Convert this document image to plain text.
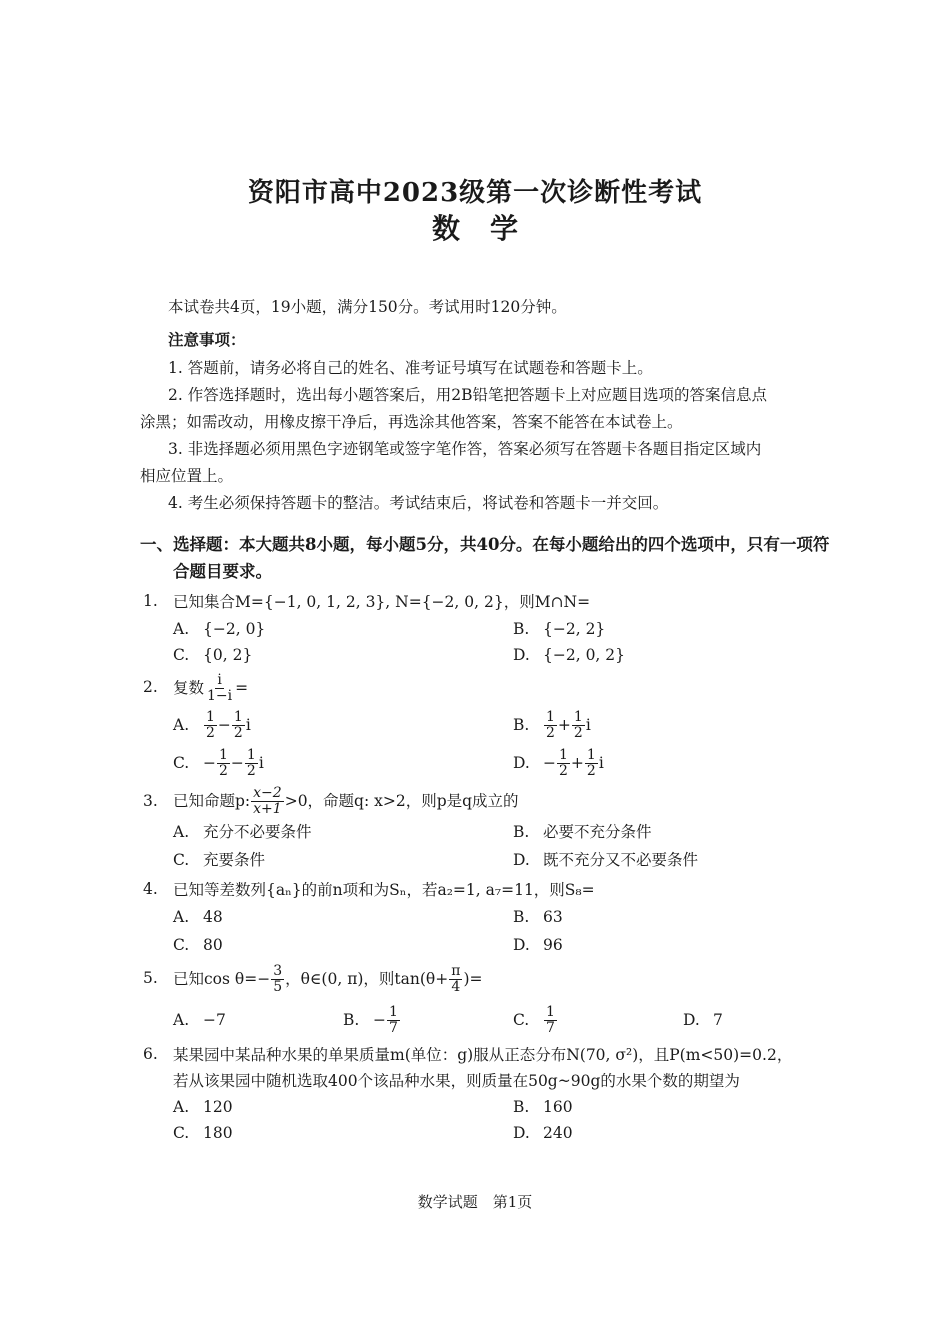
资阳市高中2023级第一次诊断性考试
数学
本试卷共4页，19小题，满分150分。考试用时120分钟。
注意事项：
1. 答题前，请务必将自己的姓名、准考证号填写在试题卷和答题卡上。
2. 作答选择题时，选出每小题答案后，用2B铅笔把答题卡上对应题目选项的答案信息点
涂黑；如需改动，用橡皮擦干净后，再选涂其他答案，答案不能答在本试卷上。
3. 非选择题必须用黑色字迹钢笔或签字笔作答，答案必须写在答题卡各题目指定区域内
相应位置上。
4. 考生必须保持答题卡的整洁。考试结束后，将试卷和答题卡一并交回。
一、选择题：本大题共8小题，每小题5分，共40分。在每小题给出的四个选项中，只有一项符
合题目要求。
1. 已知集合M={−1, 0, 1, 2, 3}, N={−2, 0, 2}，则M∩N=
A. {−2, 0}	B. {−2, 2}
C. {0, 2}	D. {−2, 0, 2}
2. 复数 $\frac{i}{1-i}$ =
A.	$\frac{1}{2} - \frac{1}{2}$ i	B.	$\frac{1}{2} + \frac{1}{2}$ i
C. − $\frac{1}{2} - \frac{1}{2}$ i	D. − $\frac{1}{2} + \frac{1}{2}$ i
3. 已知命题p: $\frac{x-2}{x+1} >0$，命题q: x>2，则p是q成立的
A. 充分不必要条件	B. 必要不充分条件
C. 充要条件	D. 既不充分又不必要条件
4. 已知等差数列{aₙ}的前n项和为Sₙ，若a₂=1, a₇=11，则S₈=
A. 48	B. 63
C. 80	D. 96
5. 已知$\cos \theta=- \frac{3}{5}$ ，θ∈(0, π)，则$\tan(\theta+ \frac{\pi}{4}$ )=
A. −7	B. − $\frac{1}{7}$	C.	$\frac{1}{7}$	D. 7
6. 某果园中某品种水果的单果质量m(单位：g)服从正态分布N(70, σ²)，且P(m<50)=0.2，
若从该果园中随机选取400个该品种水果，则质量在50g~90g的水果个数的期望为
A. 120	B. 160
C. 180	D. 240
数学试题　第1页
